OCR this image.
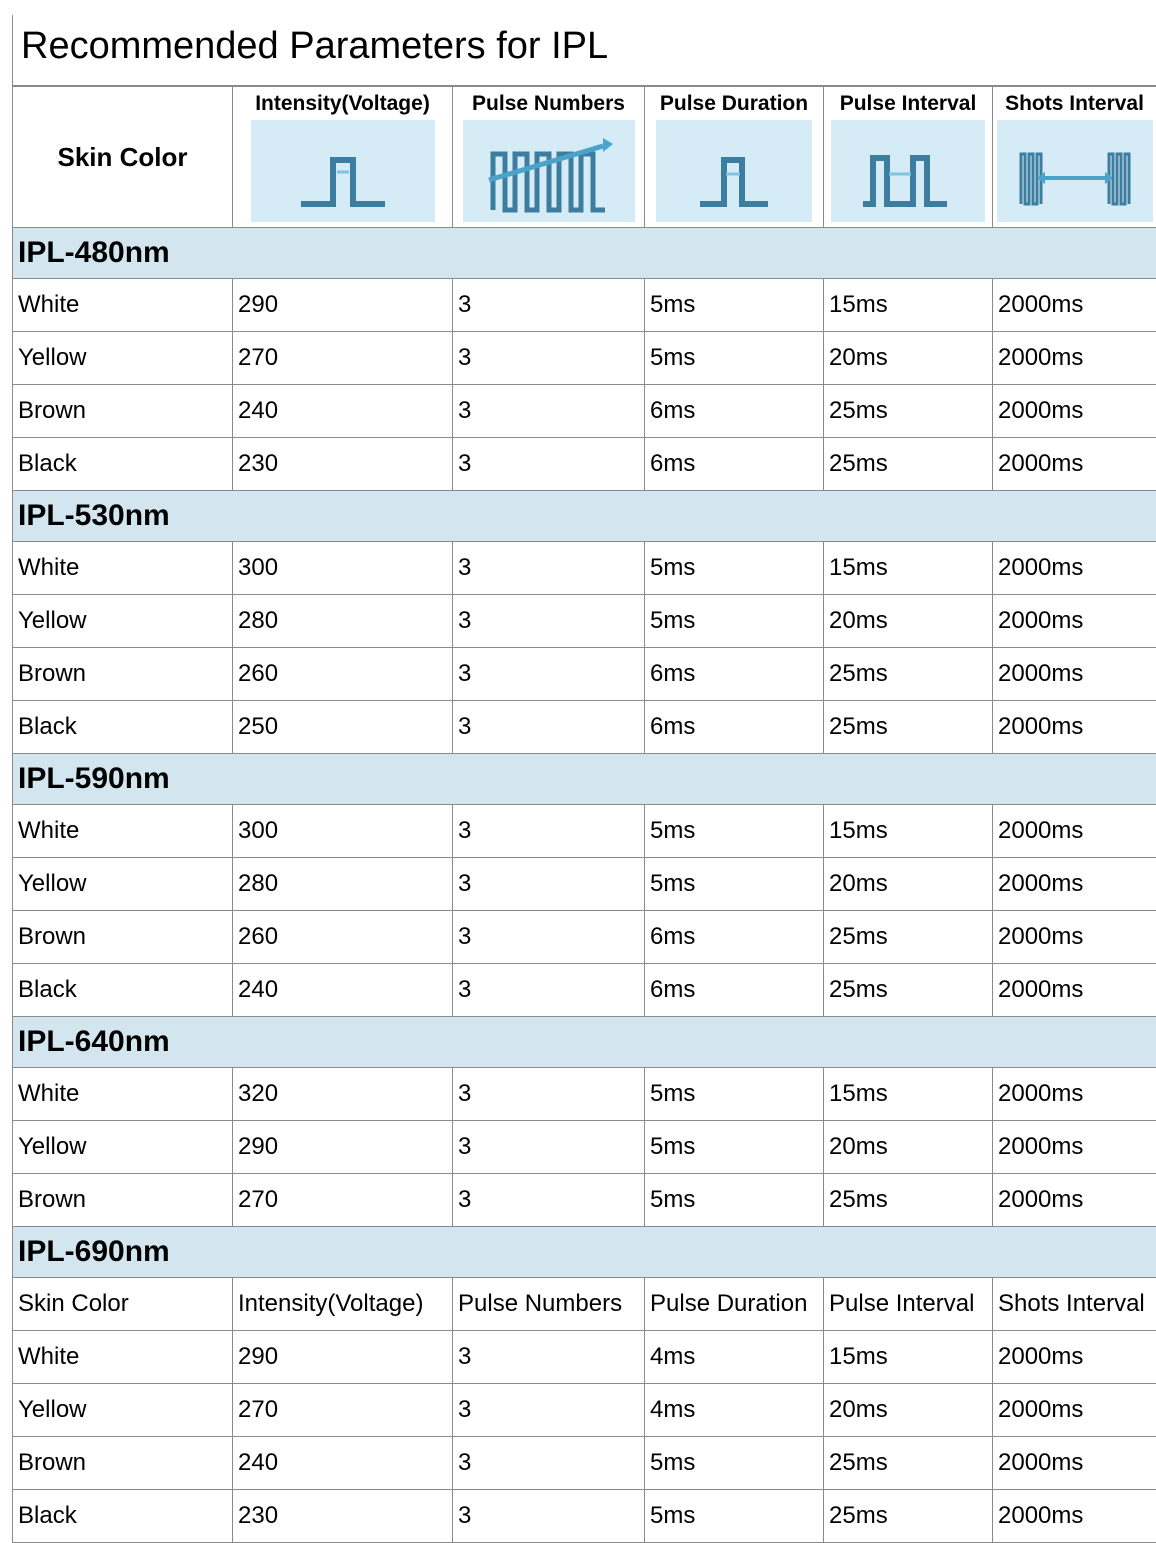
Recommended Parameters for IPL
Skin Color	Intensity(Voltage)	Pulse Numbers	Pulse Duration	Pulse Interval	Shots Interval

IPL-480nm					
White	290	3	5ms	15ms	2000ms
Yellow	270	3	5ms	20ms	2000ms
Brown	240	3	6ms	25ms	2000ms
Black	230	3	6ms	25ms	2000ms
IPL-530nm					
White	300	3	5ms	15ms	2000ms
Yellow	280	3	5ms	20ms	2000ms
Brown	260	3	6ms	25ms	2000ms
Black	250	3	6ms	25ms	2000ms
IPL-590nm					
White	300	3	5ms	15ms	2000ms
Yellow	280	3	5ms	20ms	2000ms
Brown	260	3	6ms	25ms	2000ms
Black	240	3	6ms	25ms	2000ms
IPL-640nm					
White	320	3	5ms	15ms	2000ms
Yellow	290	3	5ms	20ms	2000ms
Brown	270	3	5ms	25ms	2000ms
IPL-690nm					
Skin Color	Intensity(Voltage)	Pulse Numbers	Pulse Duration	Pulse Interval	Shots Interval
White	290	3	4ms	15ms	2000ms
Yellow	270	3	4ms	20ms	2000ms
Brown	240	3	5ms	25ms	2000ms
Black	230	3	5ms	25ms	2000ms
